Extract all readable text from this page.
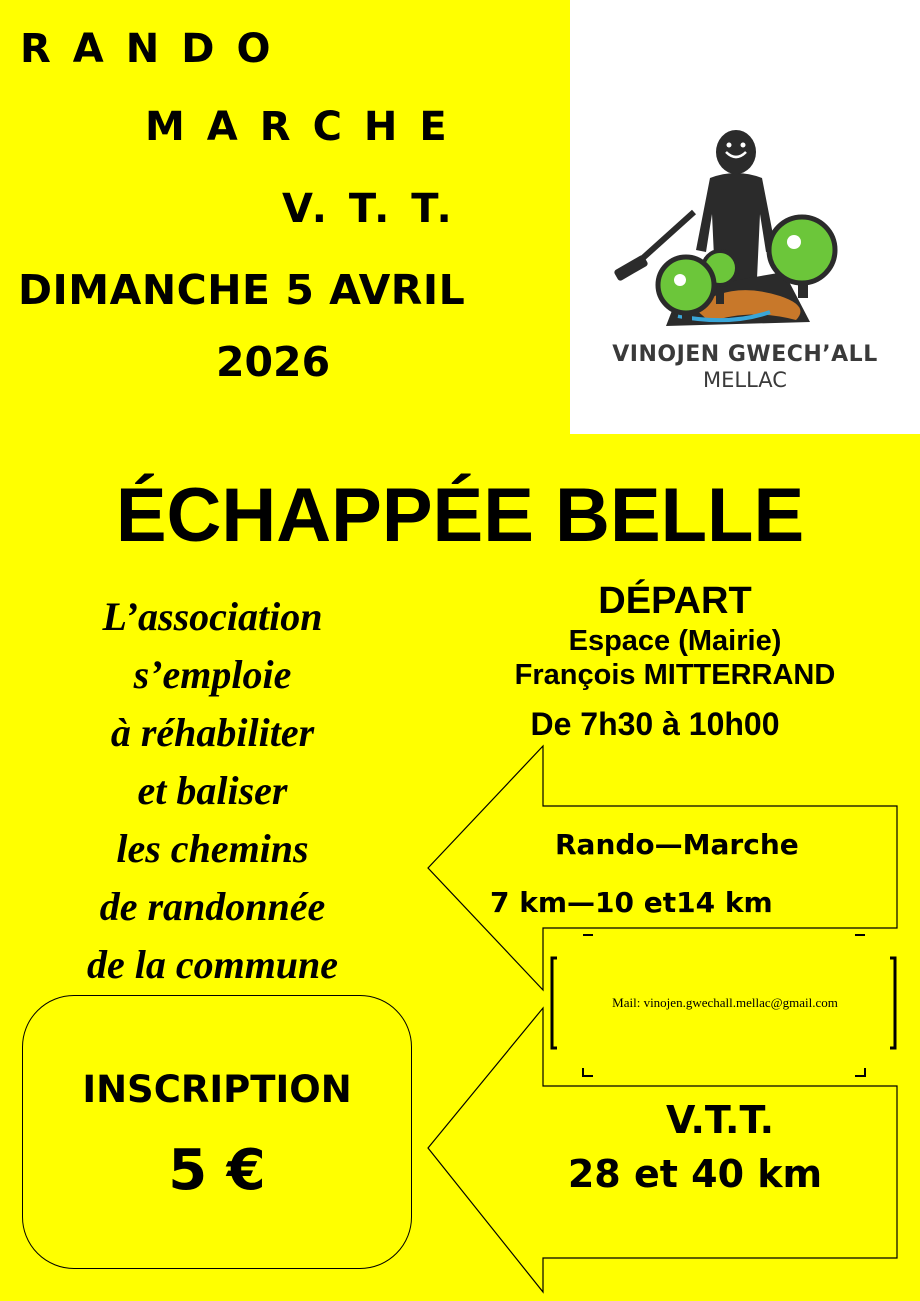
RANDO
MARCHE
V. T. T.
DIMANCHE 5 AVRIL
2026	VINOJEN GWECH’ALL
MELLAC
ÉCHAPPÉE BELLE
L’association
s’emploie
à réhabiliter
et baliser
les chemins
de randonnée
de la commune
DÉPART
Espace (Mairie)
François MITTERRAND
De 7h30 à 10h00
Rando—Marche
7 km—10 et14 km
Mail: vinojen.gwechall.mellac@gmail.com
INSCRIPTION
5 €
V.T.T.
28 et 40 km
